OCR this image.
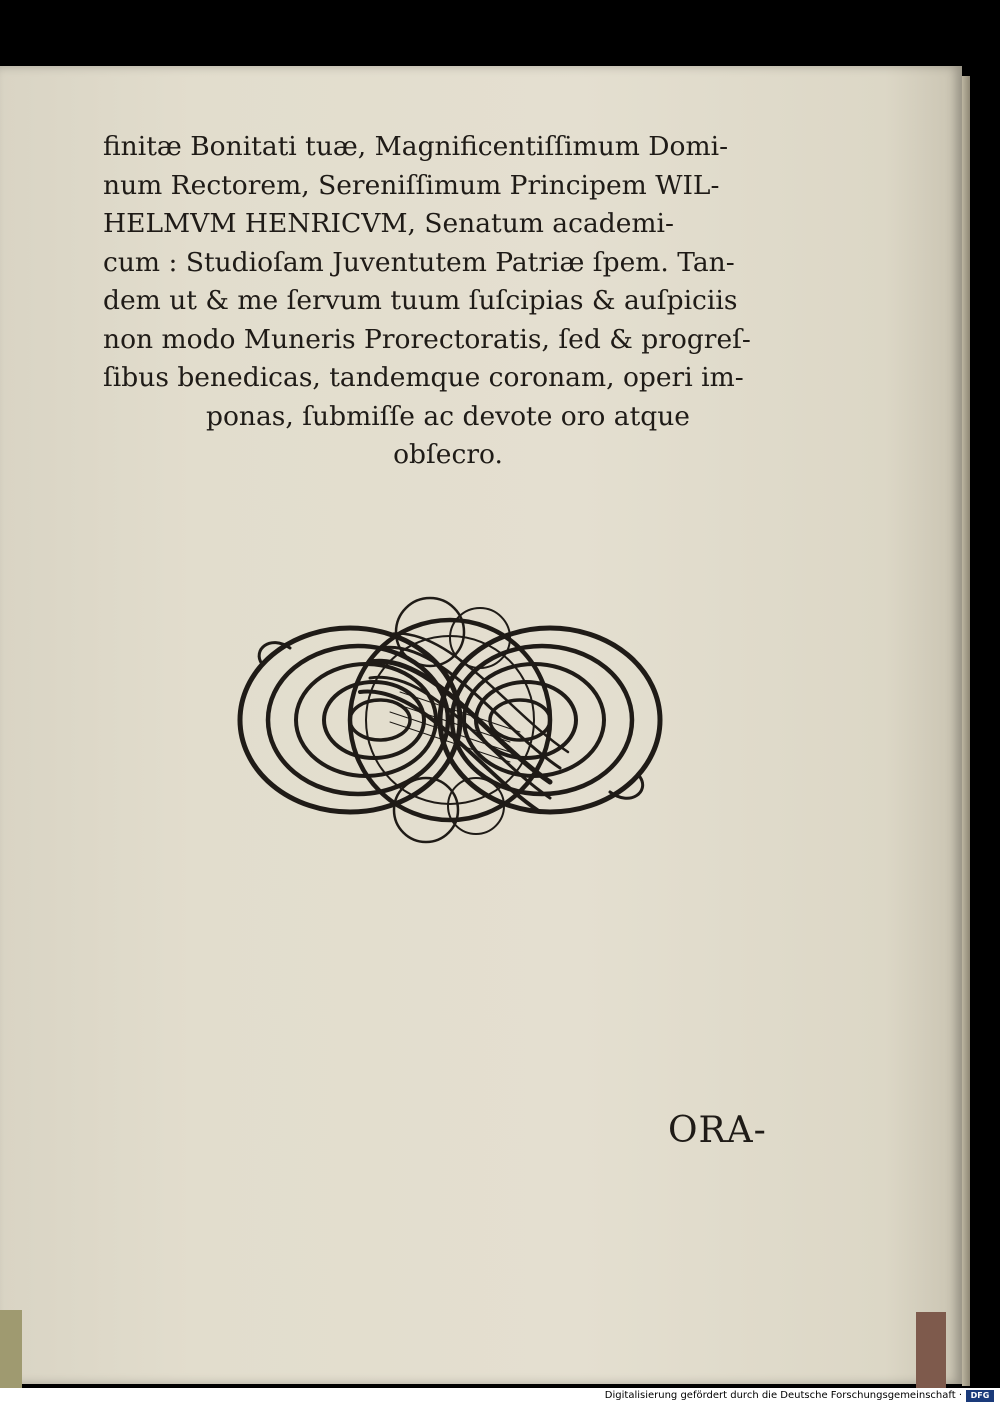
finitæ Bonitati tuæ, Magnificentiſſimum Domi-
num Rectorem, Sereniſſimum Principem WIL-
HELMVM HENRICVM, Senatum academi-
cum : Studioſam Juventutem Patriæ ſpem. Tan-
dem ut & me ſervum tuum ſuſcipias & auſpiciis
non modo Muneris Prorectoratis, ſed & progreſ-
ſibus benedicas, tandemque coronam, operi im-
ponas, ſubmiſſe ac devote oro atque
obſecro.
ORA-
Digitalisierung gefördert durch die Deutsche Forschungsgemeinschaft ·	DFG
